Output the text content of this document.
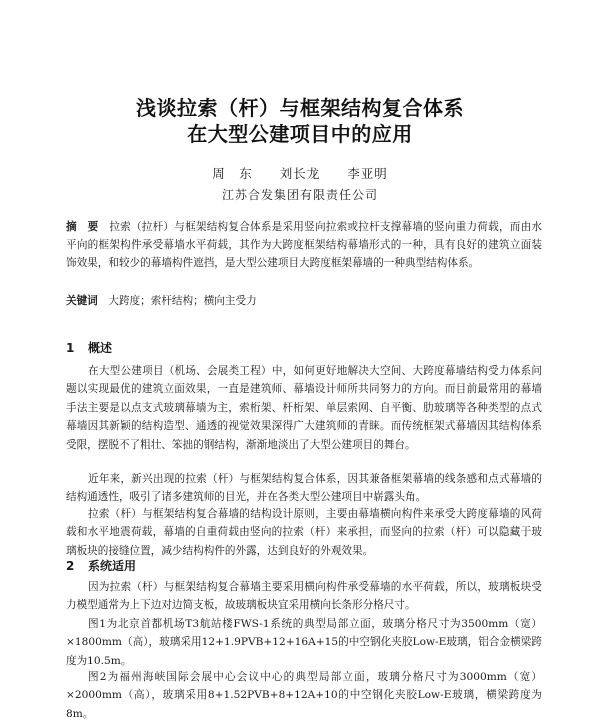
浅谈拉索（杆）与框架结构复合体系
在大型公建项目中的应用
周　东　　刘长龙　　李亚明
江苏合发集团有限责任公司

摘　要　 拉索（拉杆）与框架结构复合体系是采用竖向拉索或拉杆支撑幕墙的竖向重力荷载，而由水平向的框架构件承受幕墙水平荷载，其作为大跨度框架结构幕墙形式的一种，具有良好的建筑立面装饰效果，和较少的幕墙构件遮挡，是大型公建项目大跨度框架幕墙的一种典型结构体系。

关键词　 大跨度；索杆结构；横向主受力

1 概述

在大型公建项目（机场、会展类工程）中，如何更好地解决大空间、大跨度幕墙结构受力体系问题以实现最优的建筑立面效果，一直是建筑师、幕墙设计师所共同努力的方向。而目前最常用的幕墙手法主要是以点支式玻璃幕墙为主，索桁架、杆桁架、单层索网、自平衡、肋玻璃等各种类型的点式幕墙因其新颖的结构造型、通透的视觉效果深得广大建筑师的青睐。而传统框架式幕墙因其结构体系受限，摆脱不了粗壮、笨拙的钢结构，渐渐地淡出了大型公建项目的舞台。

近年来，新兴出现的拉索（杆）与框架结构复合体系，因其兼备框架幕墙的线条感和点式幕墙的结构通透性，吸引了诸多建筑师的目光，并在各类大型公建项目中崭露头角。

拉索（杆）与框架结构复合幕墙的结构设计原则，主要由幕墙横向构件来承受大跨度幕墙的风荷载和水平地震荷载，幕墙的自重荷载由竖向的拉索（杆）来承担，而竖向的拉索（杆）可以隐藏于玻璃板块的接缝位置，减少结构构件的外露，达到良好的外观效果。

2 系统适用

因为拉索（杆）与框架结构复合幕墙主要采用横向构件承受幕墙的水平荷载，所以，玻璃板块受力模型通常为上下边对边简支板，故玻璃板块宜采用横向长条形分格尺寸。

图1为北京首都机场T3航站楼FWS-1系统的典型局部立面，玻璃分格尺寸为3500mm（宽）×1800mm（高），玻璃采用12+1.9PVB+12+16A+15的中空钢化夹胶Low-E玻璃，铝合金横梁跨度为10.5m。

图2为福州海峡国际会展中心会议中心的典型局部立面，玻璃分格尺寸为3000mm（宽）×2000mm（高），玻璃采用8+1.52PVB+8+12A+10的中空钢化夹胶Low-E玻璃，横梁跨度为8m。
